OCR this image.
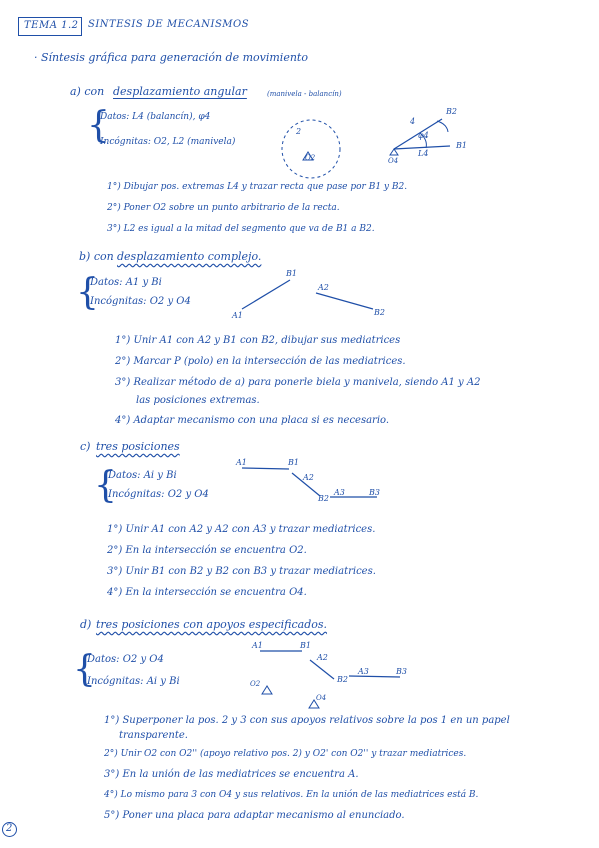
TEMA 1.2 SINTESIS DE MECANISMOS
· Síntesis gráfica para generación de movimiento
a) con desplazamiento angular	(manivela - balancín)
{
Datos: L4 (balancín), φ4
Incógnitas: O2, L2 (manivela)
1°) Dibujar pos. extremas L4 y trazar recta que pase por B1 y B2.
2°) Poner O2 sobre un punto arbitrario de la recta.
3°) L2 es igual a la mitad del segmento que va de B1 a B2.
2
O2
4
φ4
L4
O4
B2
B1
b) con desplazamiento complejo.
{
Datos: A1 y Bi
Incógnitas: O2 y O4
B1
A1
A2
B2
1°) Unir A1 con A2 y B1 con B2, dibujar sus mediatrices
2°) Marcar P (polo) en la intersección de las mediatrices.
3°) Realizar método de a) para ponerle biela y manivela, siendo A1 y A2
las posiciones extremas.
4°) Adaptar mecanismo con una placa si es necesario.
c) tres posiciones
{
Datos: Ai y Bi
Incógnitas: O2 y O4
A1	B1
A2
B2
A3	B3
1°) Unir A1 con A2 y A2 con A3 y trazar mediatrices.
2°) En la intersección se encuentra O2.
3°) Unir B1 con B2 y B2 con B3 y trazar mediatrices.
4°) En la intersección se encuentra O4.
d) tres posiciones con apoyos especificados.
{
Datos: O2 y O4
Incógnitas: Ai y Bi
A1	B1
A2
B2
A3	B3
O2
O4
1°) Superponer la pos. 2 y 3 con sus apoyos relativos sobre la pos 1 en un papel
transparente.
2°) Unir O2 con O2'' (apoyo relativo pos. 2) y O2' con O2'' y trazar mediatrices.
3°) En la unión de las mediatrices se encuentra A.
4°) Lo mismo para 3 con O4 y sus relativos. En la unión de las mediatrices está B.
5°) Poner una placa para adaptar mecanismo al enunciado.
2
